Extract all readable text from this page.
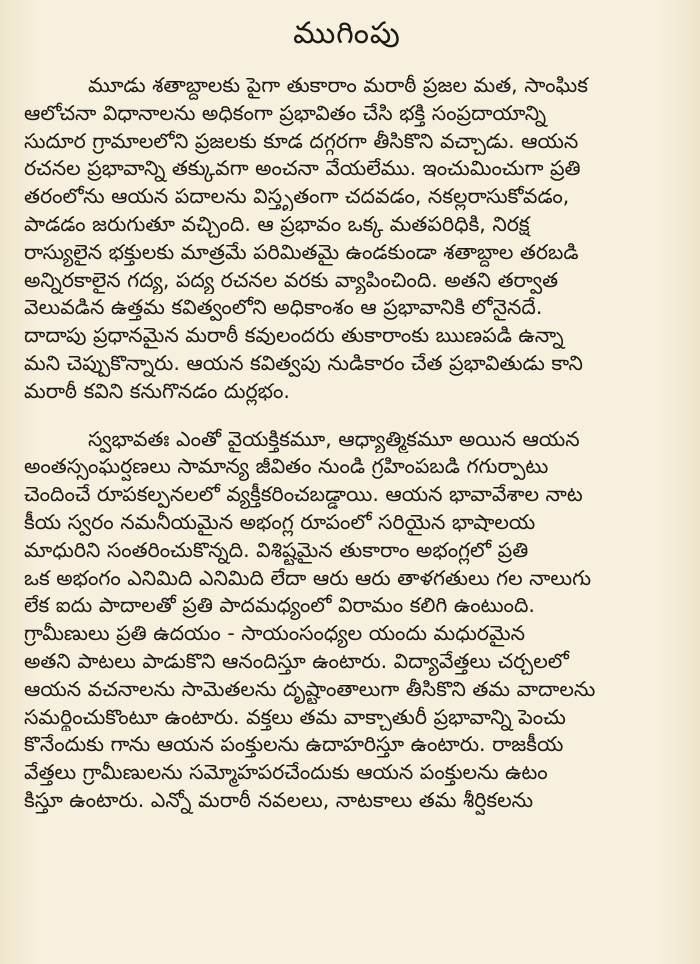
ముగింపు

మూడు శతాబ్దాలకు పైగా తుకారాం మరాఠీ ప్రజల మత, సాంఘిక
ఆలోచనా విధానాలను అధికంగా ప్రభావితం చేసి భక్తి సంప్రదాయాన్ని
సుదూర గ్రామాలలోని ప్రజలకు కూడ దగ్గరగా తీసికొని వచ్చాడు. ఆయన
రచనల ప్రభావాన్ని తక్కువగా అంచనా వేయలేము. ఇంచుమించుగా ప్రతి
తరంలోను ఆయన పదాలను విస్తృతంగా చదవడం, నకల్లరాసుకోవడం,
పాడడం జరుగుతూ వచ్చింది. ఆ ప్రభావం ఒక్క మతపరిధికి, నిరక్ష
రాస్యులైన భక్తులకు మాత్రమే పరిమితమై ఉండకుండా శతాబ్దాల తరబడి
అన్నిరకాలైన గద్య, పద్య రచనల వరకు వ్యాపించింది. అతని తర్వాత
వెలువడిన ఉత్తమ కవిత్వంలోని అధికాంశం ఆ ప్రభావానికి లోనైనదే.
దాదాపు ప్రధానమైన మరాఠీ కవులందరు తుకారాంకు ఋణపడి ఉన్నా
మని చెప్పుకొన్నారు. ఆయన కవిత్వపు నుడికారం చేత ప్రభావితుడు కాని
మరాఠీ కవిని కనుగొనడం దుర్లభం.

స్వభావతః ఎంతో వైయక్తికమూ, ఆధ్యాత్మికమూ అయిన ఆయన
అంతస్సంఘర్షణలు సామాన్య జీవితం నుండి గ్రహింపబడి గగుర్పాటు
చెందించే రూపకల్పనలలో వ్యక్తీకరించబడ్డాయి. ఆయన భావావేశాల నాట
కీయ స్వరం నమనీయమైన అభంగ్ల రూపంలో సరియైన భాషాలయ
మాధురిని సంతరించుకొన్నది. విశిష్టమైన తుకారాం అభంగ్లలో ప్రతి
ఒక అభంగం ఎనిమిది ఎనిమిది లేదా ఆరు ఆరు తాళగతులు గల నాలుగు
లేక ఐదు పాదాలతో ప్రతి పాదమధ్యంలో విరామం కలిగి ఉంటుంది.
గ్రామీణులు ప్రతి ఉదయం - సాయంసంధ్యల యందు మధురమైన
అతని పాటలు పాడుకొని ఆనందిస్తూ ఉంటారు. విద్యావేత్తలు చర్చలలో
ఆయన వచనాలను సామెతలను దృష్టాంతాలుగా తీసికొని తమ వాదాలను
సమర్థించుకొంటూ ఉంటారు. వక్తలు తమ వాక్చాతురీ ప్రభావాన్ని పెంచు
కొనేందుకు గాను ఆయన పంక్తులను ఉదాహరిస్తూ ఉంటారు. రాజకీయ
వేత్తలు గ్రామీణులను సమ్మోహపరచేందుకు ఆయన పంక్తులను ఉటం
కిస్తూ ఉంటారు. ఎన్నో మరాఠీ నవలలు, నాటకాలు తమ శీర్షికలను
